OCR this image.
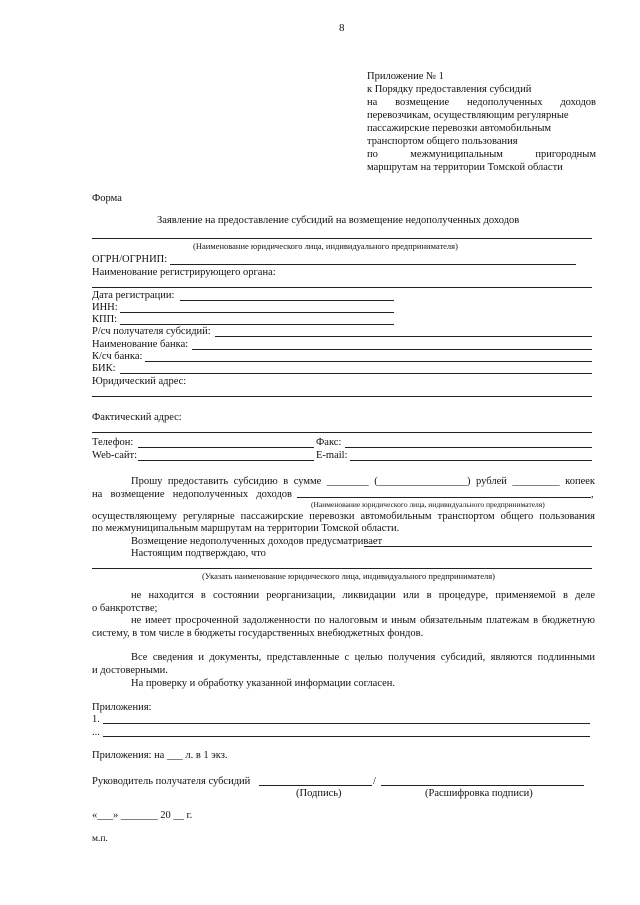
8
Приложение № 1
к Порядку предоставления субсидий
на возмещение недополученных доходов
перевозчикам, осуществляющим регулярные
пассажирские перевозки автомобильным
транспортом общего пользования
по межмуниципальным пригородным
маршрутам на территории Томской области
Форма
Заявление на предоставление субсидий на возмещение недополученных доходов
(Наименование юридического лица, индивидуального предпринимателя)
ОГРН/ОГРНИП:
Наименование регистрирующего органа:
Дата регистрации:
ИНН:
КПП:
Р/сч получателя субсидий:
Наименование банка:
К/сч банка:
БИК:
Юридический адрес:
Фактический адрес:
Телефон:	Факс:
Web-сайт:	E-mail:
Прошу предоставить субсидию в сумме ________ (_________________) рублей _________ копеек
на возмещение недополученных доходов	,
(Наименование юридического лица, индивидуального предпринимателя)
осуществляющему регулярные пассажирские перевозки автомобильным транспортом общего пользования
по межмуниципальным маршрутам на территории Томской области.
Возмещение недополученных доходов предусматривает
Настоящим подтверждаю, что
(Указать наименование юридического лица, индивидуального предпринимателя)
не находится в состоянии реорганизации, ликвидации или в процедуре, применяемой в деле
о банкротстве;
не имеет просроченной задолженности по налоговым и иным обязательным платежам в бюджетную
систему, в том числе в бюджеты государственных внебюджетных фондов.
Все сведения и документы, представленные с целью получения субсидий, являются подлинными
и достоверными.
На проверку и обработку указанной информации согласен.
Приложения:
1.
...
Приложения: на ___ л. в 1 экз.
Руководитель получателя субсидий	/
(Подпись)	(Расшифровка подписи)
«___» _______ 20 __ г.
м.п.
